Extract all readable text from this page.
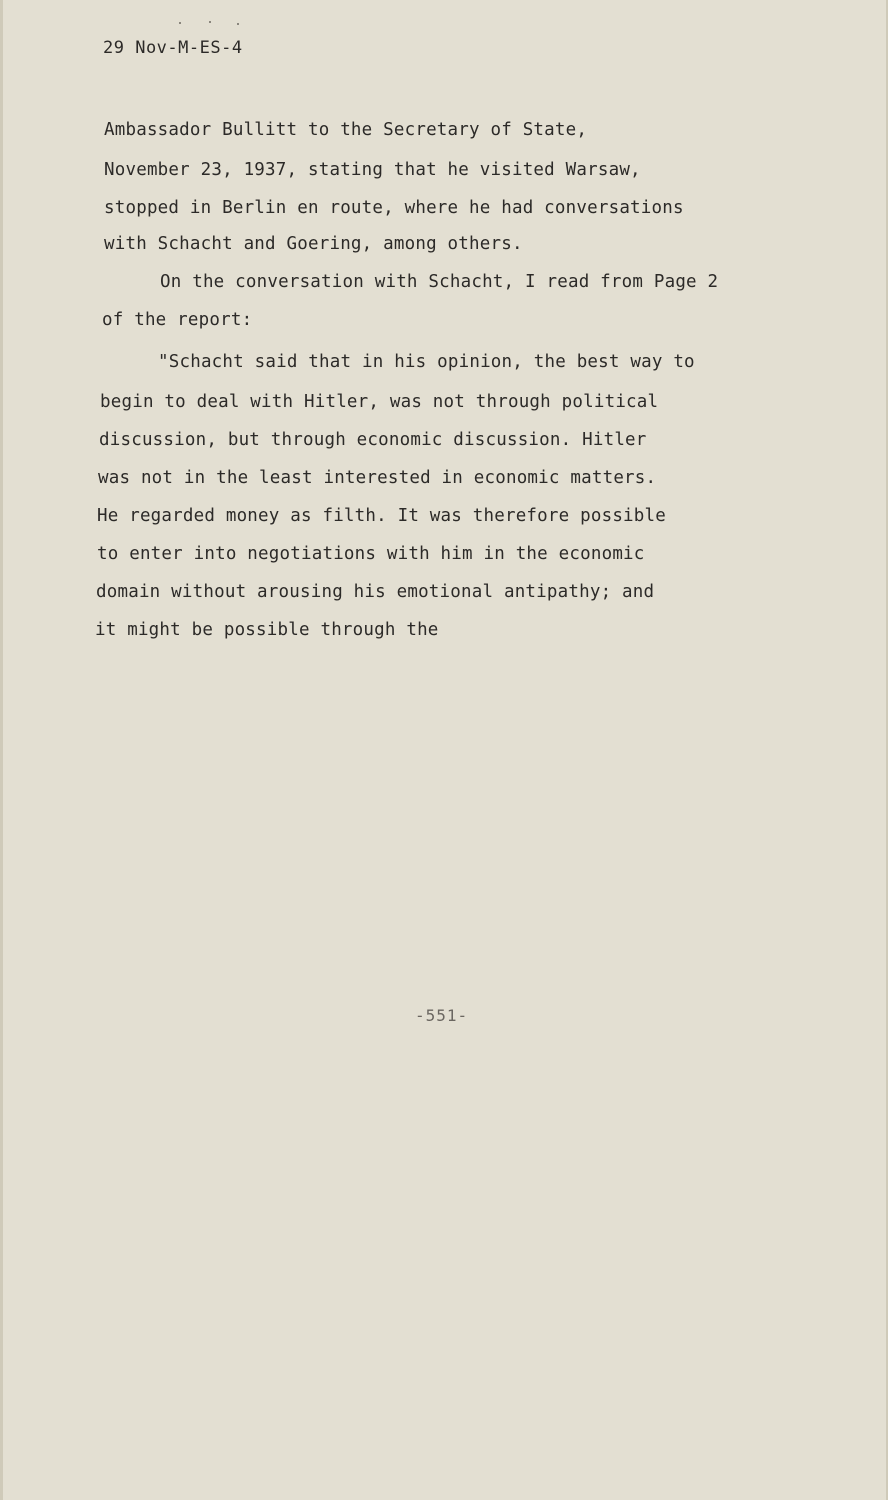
29 Nov-M-ES-4
Ambassador Bullitt to the Secretary of State,
November 23, 1937, stating that he visited Warsaw,
stopped in Berlin en route, where he had conversations
with Schacht and Goering, among others.
On the conversation with Schacht, I read from Page 2
of the report:
"Schacht said that in his opinion, the best way to
begin to deal with Hitler, was not through political
discussion, but through economic discussion. Hitler
was not in the least interested in economic matters.
He regarded money as filth. It was therefore possible
to enter into negotiations with him in the economic
domain without arousing his emotional antipathy; and
it might be possible through the
-551-
